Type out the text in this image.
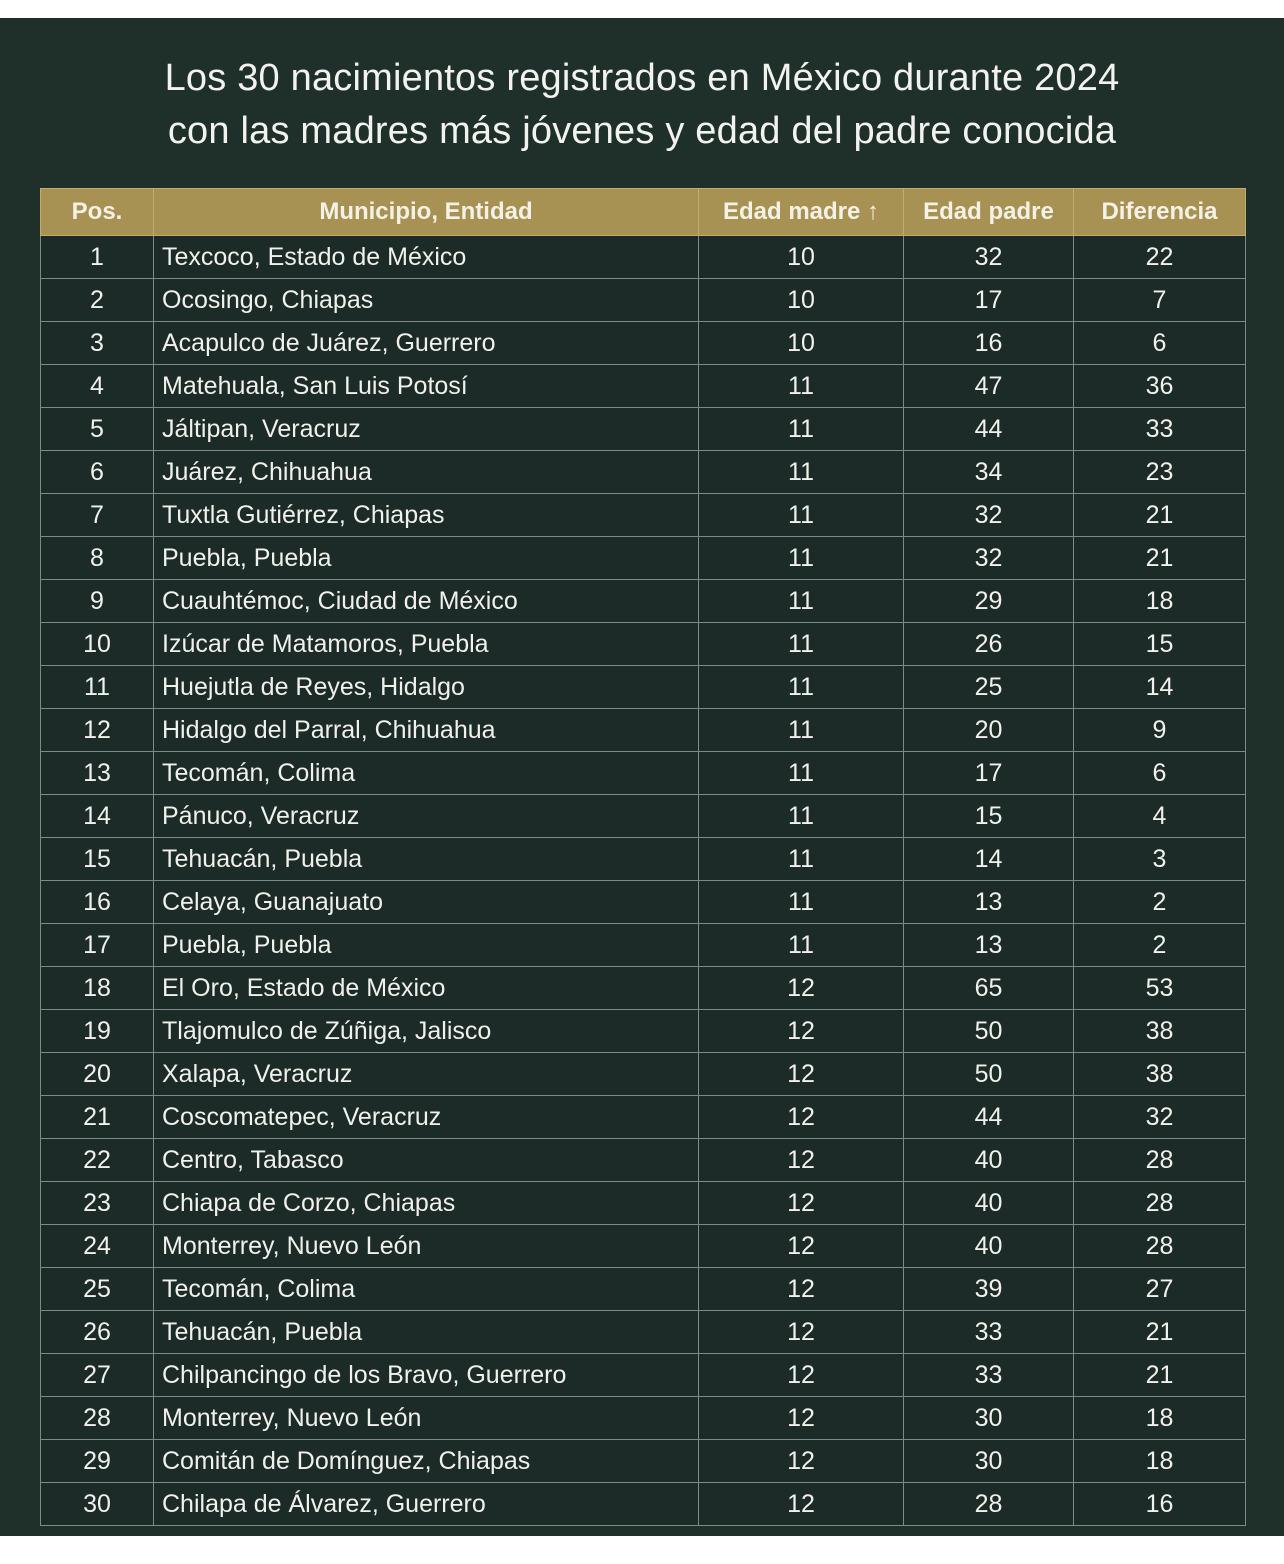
Los 30 nacimientos registrados en México durante 2024
con las madres más jóvenes y edad del padre conocida
Pos.	Municipio, Entidad	Edad madre ↑	Edad padre	Diferencia
1	Texcoco, Estado de México	10	32	22
2	Ocosingo, Chiapas	10	17	7
3	Acapulco de Juárez, Guerrero	10	16	6
4	Matehuala, San Luis Potosí	11	47	36
5	Jáltipan, Veracruz	11	44	33
6	Juárez, Chihuahua	11	34	23
7	Tuxtla Gutiérrez, Chiapas	11	32	21
8	Puebla, Puebla	11	32	21
9	Cuauhtémoc, Ciudad de México	11	29	18
10	Izúcar de Matamoros, Puebla	11	26	15
11	Huejutla de Reyes, Hidalgo	11	25	14
12	Hidalgo del Parral, Chihuahua	11	20	9
13	Tecomán, Colima	11	17	6
14	Pánuco, Veracruz	11	15	4
15	Tehuacán, Puebla	11	14	3
16	Celaya, Guanajuato	11	13	2
17	Puebla, Puebla	11	13	2
18	El Oro, Estado de México	12	65	53
19	Tlajomulco de Zúñiga, Jalisco	12	50	38
20	Xalapa, Veracruz	12	50	38
21	Coscomatepec, Veracruz	12	44	32
22	Centro, Tabasco	12	40	28
23	Chiapa de Corzo, Chiapas	12	40	28
24	Monterrey, Nuevo León	12	40	28
25	Tecomán, Colima	12	39	27
26	Tehuacán, Puebla	12	33	21
27	Chilpancingo de los Bravo, Guerrero	12	33	21
28	Monterrey, Nuevo León	12	30	18
29	Comitán de Domínguez, Chiapas	12	30	18
30	Chilapa de Álvarez, Guerrero	12	28	16
